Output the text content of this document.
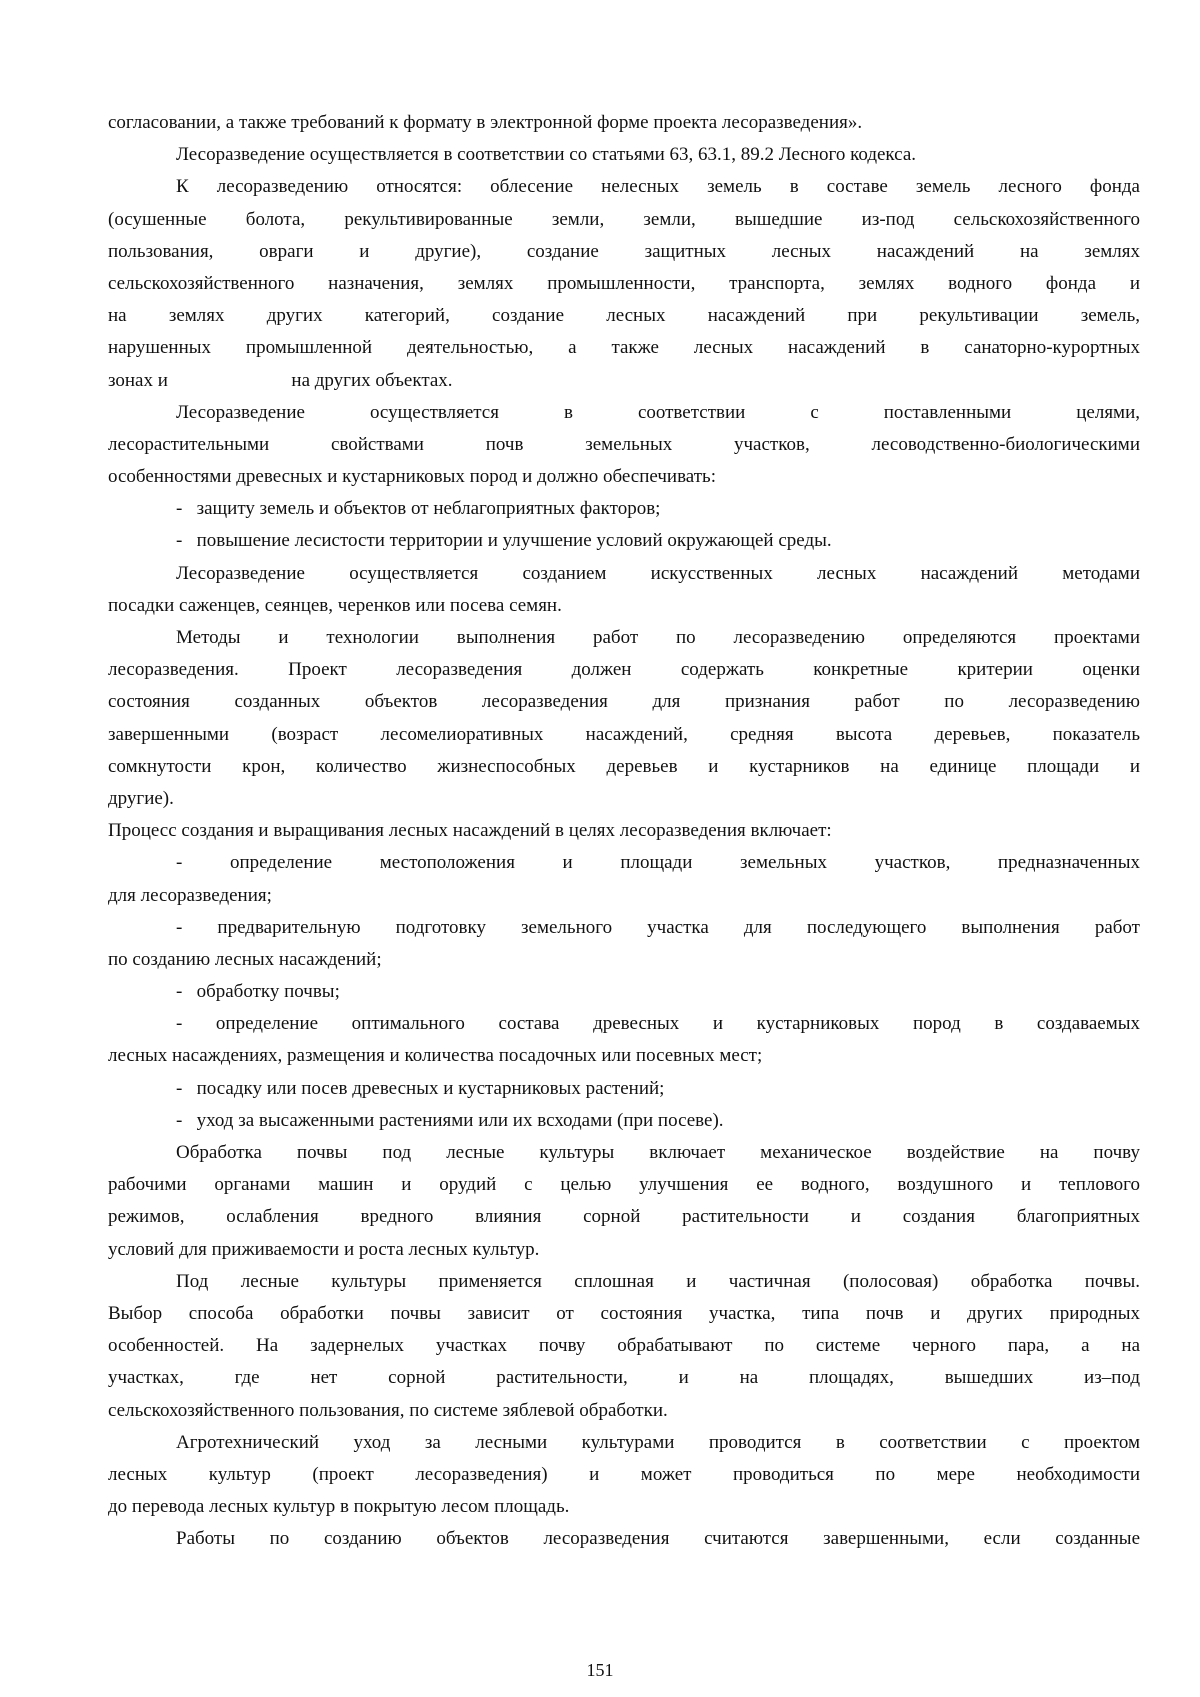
согласовании, а также требований к формату в электронной форме проекта лесоразведения».
Лесоразведение осуществляется в соответствии со статьями 63, 63.1, 89.2 Лесного кодекса.
К лесоразведению относятся: облесение нелесных земель в составе земель лесного фонда
(осушенные болота, рекультивированные земли, земли, вышедшие из-под сельскохозяйственного
пользования, овраги и другие), создание защитных лесных насаждений на землях
сельскохозяйственного назначения, землях промышленности, транспорта, землях водного фонда и
на землях других категорий, создание лесных насаждений при рекультивации земель,
нарушенных промышленной деятельностью, а также лесных насаждений в санаторно-курортных
зонах и                          на других объектах.
Лесоразведение осуществляется в соответствии с поставленными целями,
лесорастительными свойствами почв земельных участков, лесоводственно-биологическими
особенностями древесных и кустарниковых пород и должно обеспечивать:
-   защиту земель и объектов от неблагоприятных факторов;
-   повышение лесистости территории и улучшение условий окружающей среды.
Лесоразведение осуществляется созданием искусственных лесных насаждений методами
посадки саженцев, сеянцев, черенков или посева семян.
Методы и технологии выполнения работ по лесоразведению определяются проектами
лесоразведения. Проект лесоразведения должен содержать конкретные критерии оценки
состояния созданных объектов лесоразведения для признания работ по лесоразведению
завершенными (возраст лесомелиоративных насаждений, средняя высота деревьев, показатель
сомкнутости крон, количество жизнеспособных деревьев и кустарников на единице площади и
другие).
Процесс создания и выращивания лесных насаждений в целях лесоразведения включает:
- определение местоположения и площади земельных участков, предназначенных
для лесоразведения;
- предварительную подготовку земельного участка для последующего выполнения работ
по созданию лесных насаждений;
-   обработку почвы;
- определение оптимального состава древесных и кустарниковых пород в создаваемых
лесных насаждениях, размещения и количества посадочных или посевных мест;
-   посадку или посев древесных и кустарниковых растений;
-   уход за высаженными растениями или их всходами (при посеве).
Обработка почвы под лесные культуры включает механическое воздействие на почву
рабочими органами машин и орудий с целью улучшения ее водного, воздушного и теплового
режимов, ослабления вредного влияния сорной растительности и создания благоприятных
условий для приживаемости и роста лесных культур.
Под лесные культуры применяется сплошная и частичная (полосовая) обработка почвы.
Выбор способа обработки почвы зависит от состояния участка, типа почв и других природных
особенностей. На задернелых участках почву обрабатывают по системе черного пара, а на
участках, где нет сорной растительности, и на площадях, вышедших из–под
сельскохозяйственного пользования, по системе зяблевой обработки.
Агротехнический уход за лесными культурами проводится в соответствии с проектом
лесных культур (проект лесоразведения) и может проводиться по мере необходимости
до перевода лесных культур в покрытую лесом площадь.
Работы по созданию объектов лесоразведения считаются завершенными, если созданные
151
